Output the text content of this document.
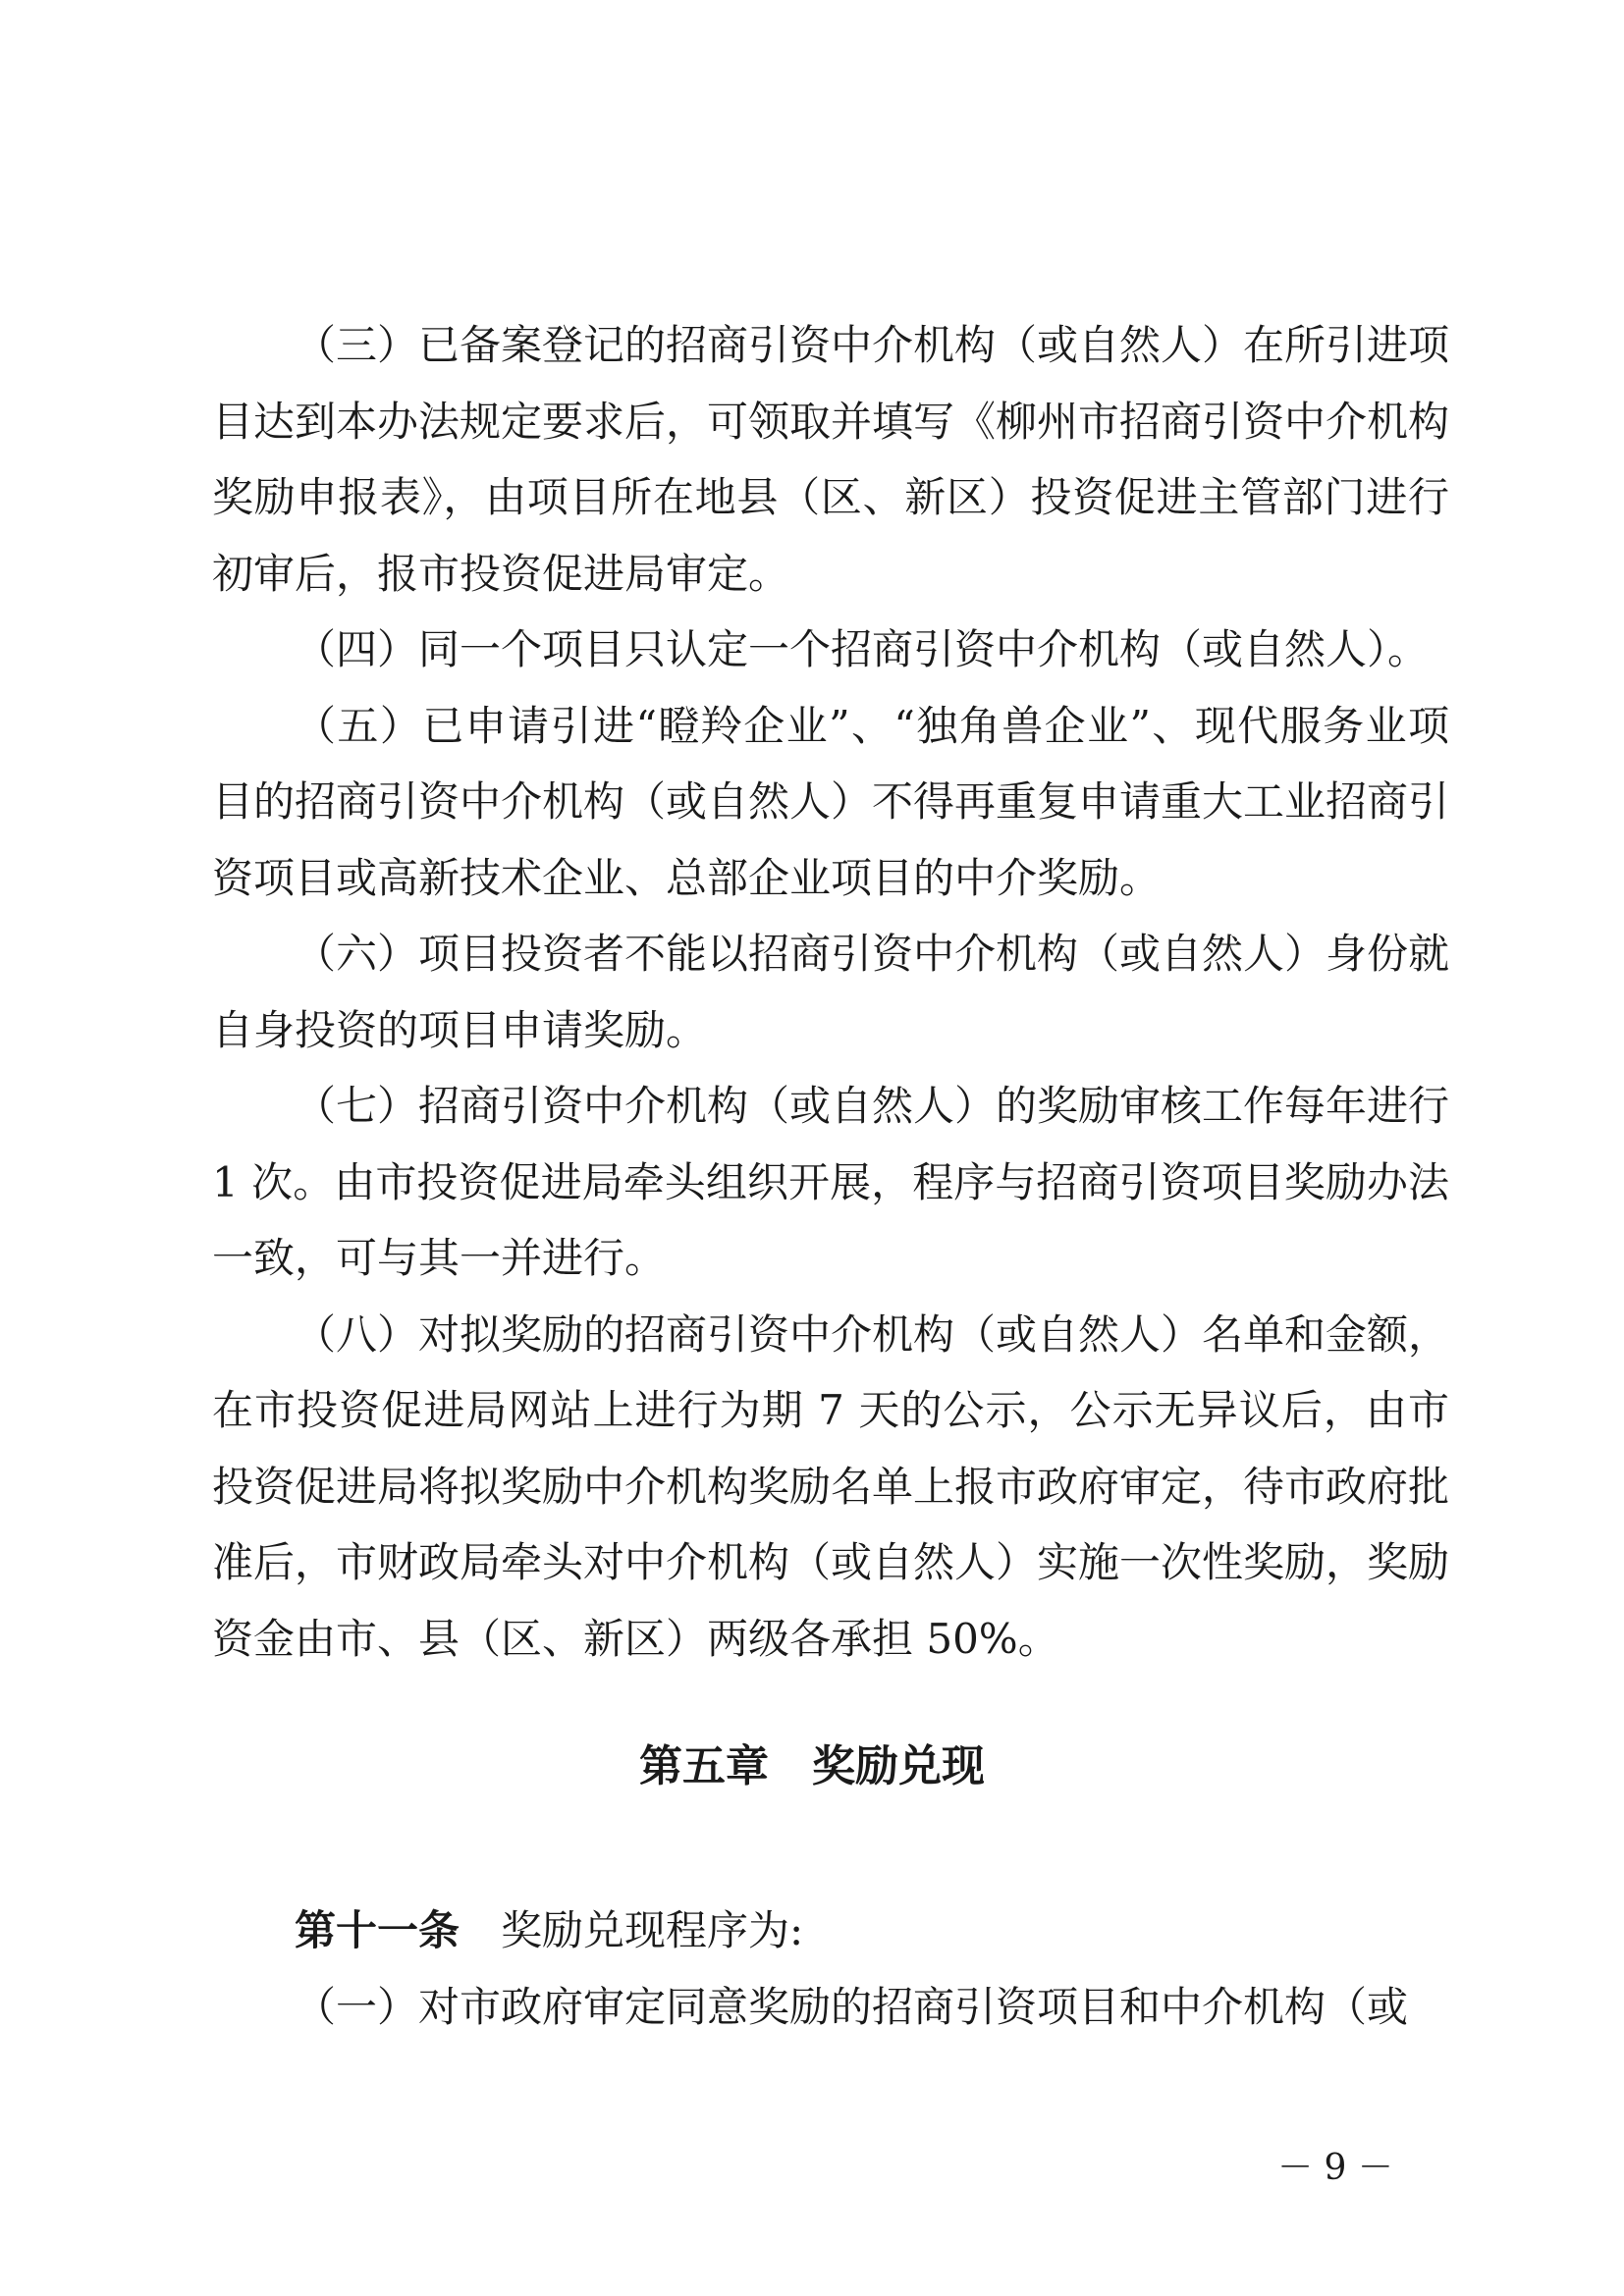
（三）已备案登记的招商引资中介机构（或自然人）在所引进项目达到本办法规定要求后，可领取并填写《柳州市招商引资中介机构奖励申报表》，由项目所在地县（区、新区）投资促进主管部门进行初审后，报市投资促进局审定。

（四）同一个项目只认定一个招商引资中介机构（或自然人）。

（五）已申请引进“瞪羚企业”、“独角兽企业”、现代服务业项目的招商引资中介机构（或自然人）不得再重复申请重大工业招商引资项目或高新技术企业、总部企业项目的中介奖励。

（六）项目投资者不能以招商引资中介机构（或自然人）身份就自身投资的项目申请奖励。

（七）招商引资中介机构（或自然人）的奖励审核工作每年进行 1 次。由市投资促进局牵头组织开展，程序与招商引资项目奖励办法一致，可与其一并进行。

（八）对拟奖励的招商引资中介机构（或自然人）名单和金额，在市投资促进局网站上进行为期 7 天的公示，公示无异议后，由市投资促进局将拟奖励中介机构奖励名单上报市政府审定，待市政府批准后，市财政局牵头对中介机构（或自然人）实施一次性奖励，奖励资金由市、县（区、新区）两级各承担 50%。

第五章　奖励兑现

第十一条　奖励兑现程序为:

（一）对市政府审定同意奖励的招商引资项目和中介机构（或

－ 9 －
